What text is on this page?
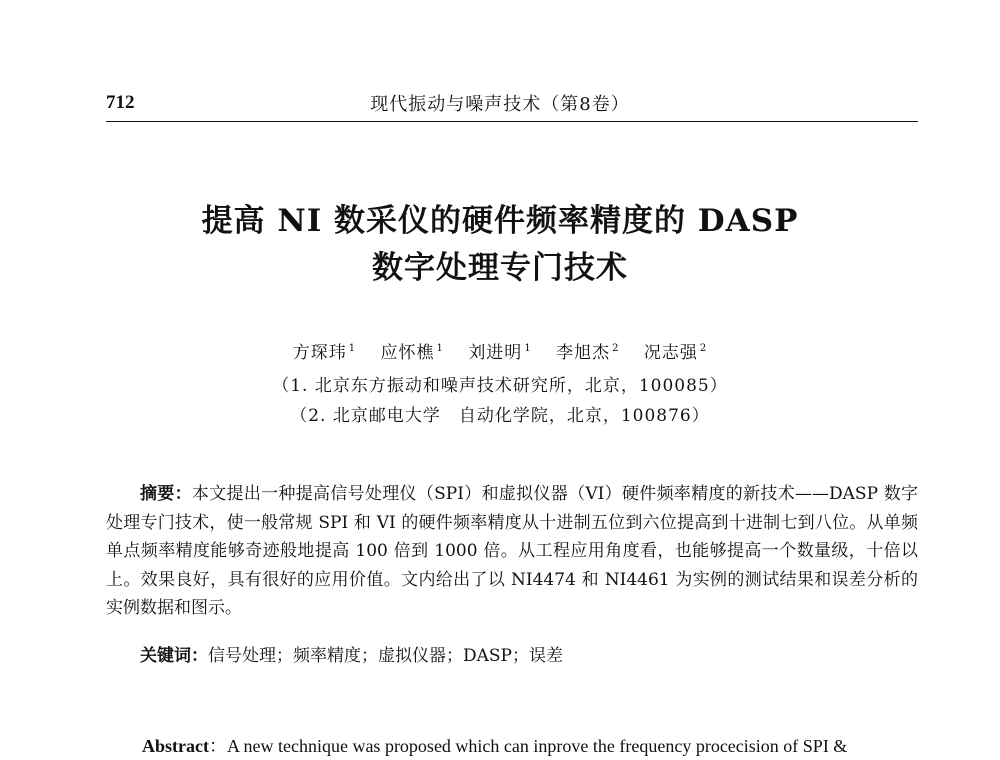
712	现代振动与噪声技术（第8卷）
提高 NI 数采仪的硬件频率精度的 DASP
数字处理专门技术
方琛玮 $^1$ 应怀樵 $^1$ 刘进明 $^1$ 李旭杰 $^2$ 况志强 $^2$
（1. 北京东方振动和噪声技术研究所，北京，100085）
（2. 北京邮电大学　自动化学院，北京，100876）

摘要：本文提出一种提高信号处理仪（SPI）和虚拟仪器（VI）硬件频率精度的新技术——DASP 数字处理专门技术，使一般常规 SPI 和 VI 的硬件频率精度从十进制五位到六位提高到十进制七到八位。从单频单点频率精度能够奇迹般地提高 100 倍到 1000 倍。从工程应用角度看，也能够提高一个数量级，十倍以上。效果良好，具有很好的应用价值。文内给出了以 NI4474 和 NI4461 为实例的测试结果和误差分析的实例数据和图示。

关键词：信号处理；频率精度；虚拟仪器；DASP；误差

Abstract：A new technique was proposed which can inprove the frequency procecision of SPI &
